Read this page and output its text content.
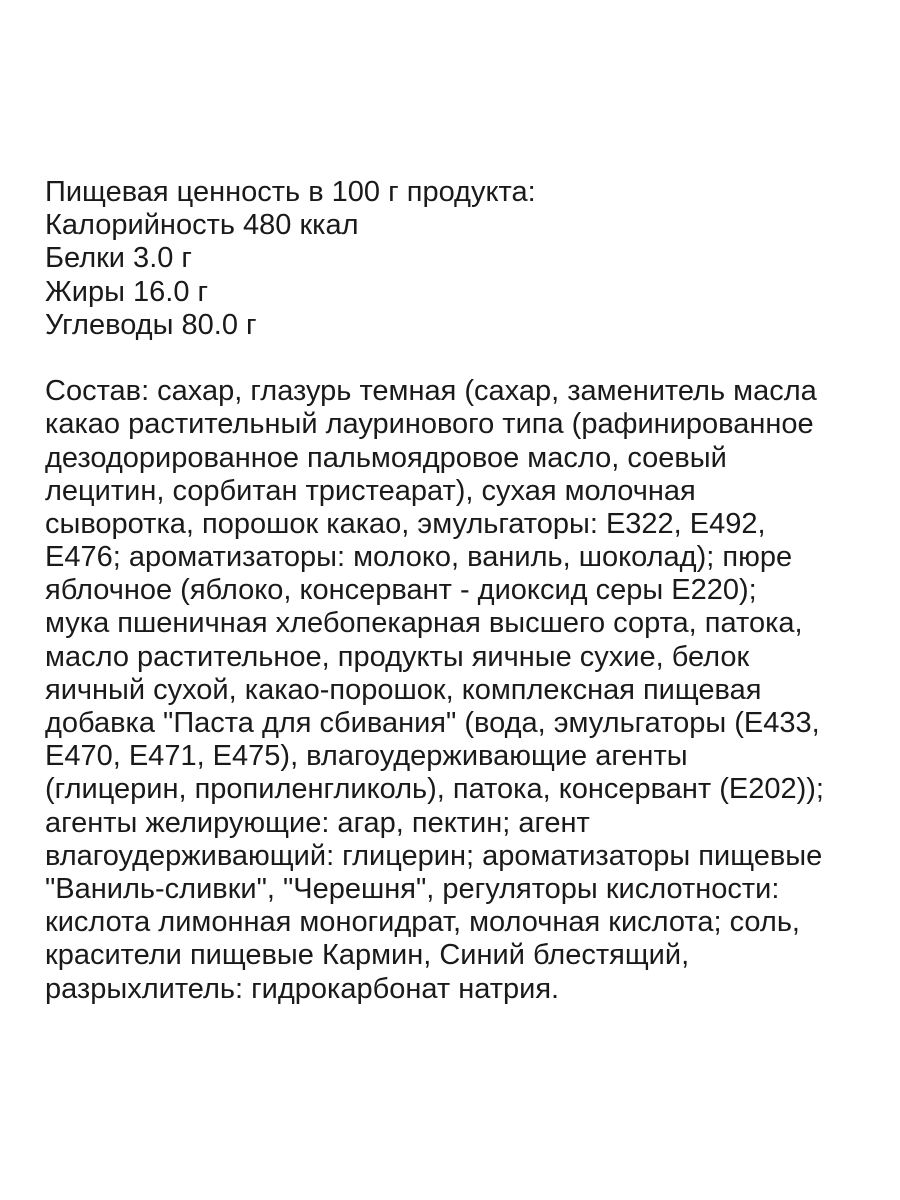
Пищевая ценность в 100 г продукта:
Калорийность 480 ккал
Белки 3.0 г
Жиры 16.0 г
Углеводы 80.0 г
Состав: сахар, глазурь темная (сахар, заменитель масла
какао растительный лауринового типа (рафинированное
дезодорированное пальмоядровое масло, соевый
лецитин, сорбитан тристеарат), сухая молочная
сыворотка, порошок какао, эмульгаторы: Е322, Е492,
Е476; ароматизаторы: молоко, ваниль, шоколад); пюре
яблочное (яблоко, консервант - диоксид серы Е220);
мука пшеничная хлебопекарная высшего сорта, патока,
масло растительное, продукты яичные сухие, белок
яичный сухой, какао-порошок, комплексная пищевая
добавка "Паста для сбивания" (вода, эмульгаторы (Е433,
Е470, Е471, Е475), влагоудерживающие агенты
(глицерин, пропиленгликоль), патока, консервант (Е202));
агенты желирующие: агар, пектин; агент
влагоудерживающий: глицерин; ароматизаторы пищевые
"Ваниль-сливки", "Черешня", регуляторы кислотности:
кислота лимонная моногидрат, молочная кислота; соль,
красители пищевые Кармин, Синий блестящий,
разрыхлитель: гидрокарбонат натрия.
